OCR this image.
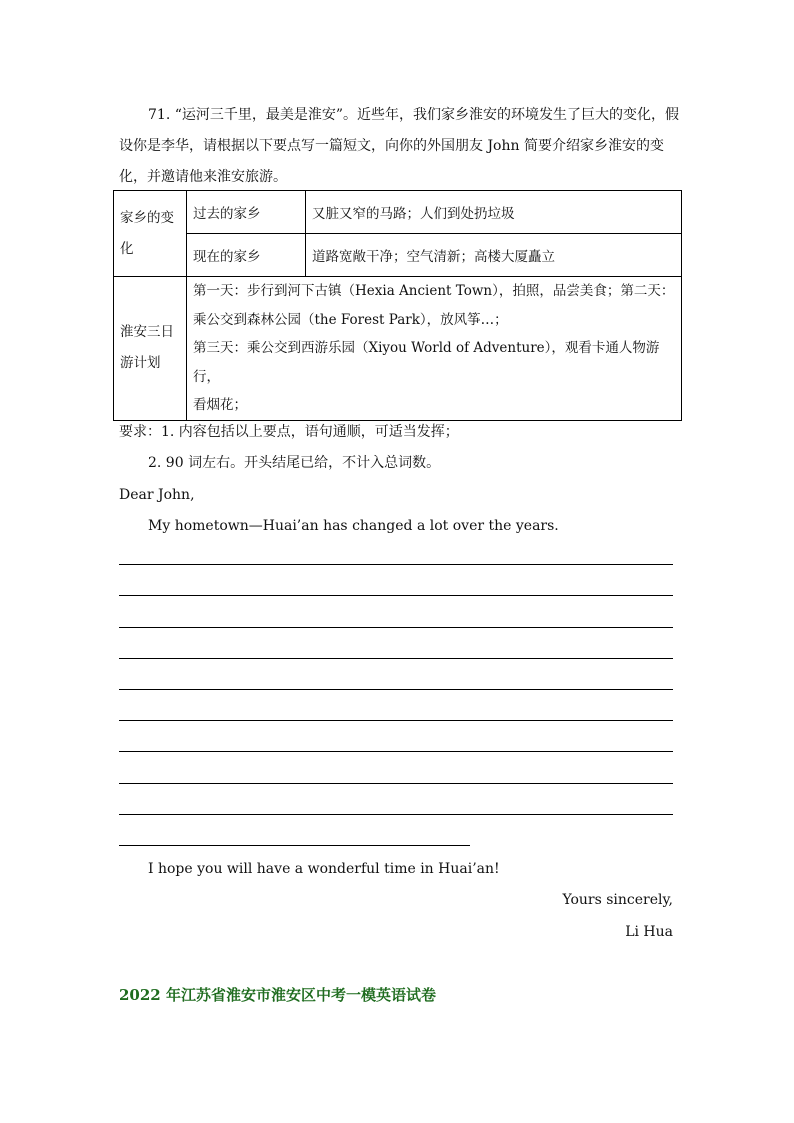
71. “运河三千里，最美是淮安”。近些年，我们家乡淮安的环境发生了巨大的变化，假设你是李华，请根据以下要点写一篇短文，向你的外国朋友 John 简要介绍家乡淮安的变化，并邀请他来淮安旅游。

家乡的变化	过去的家乡	又脏又窄的马路；人们到处扔垃圾
	现在的家乡	道路宽敞干净；空气清新；高楼大厦矗立
淮安三日游计划	第一天：步行到河下古镇（Hexia Ancient Town），拍照，品尝美食；第二天：
乘公交到森林公园（the Forest Park），放风筝…；
第三天：乘公交到西游乐园（Xiyou World of Adventure），观看卡通人物游行，
看烟花；	

要求：1. 内容包括以上要点，语句通顺，可适当发挥；

2. 90 词左右。开头结尾已给，不计入总词数。

Dear John,

My hometown—Huai’an has changed a lot over the years.

I hope you will have a wonderful time in Huai’an!

Yours sincerely,

Li Hua

2022 年江苏省淮安市淮安区中考一模英语试卷
